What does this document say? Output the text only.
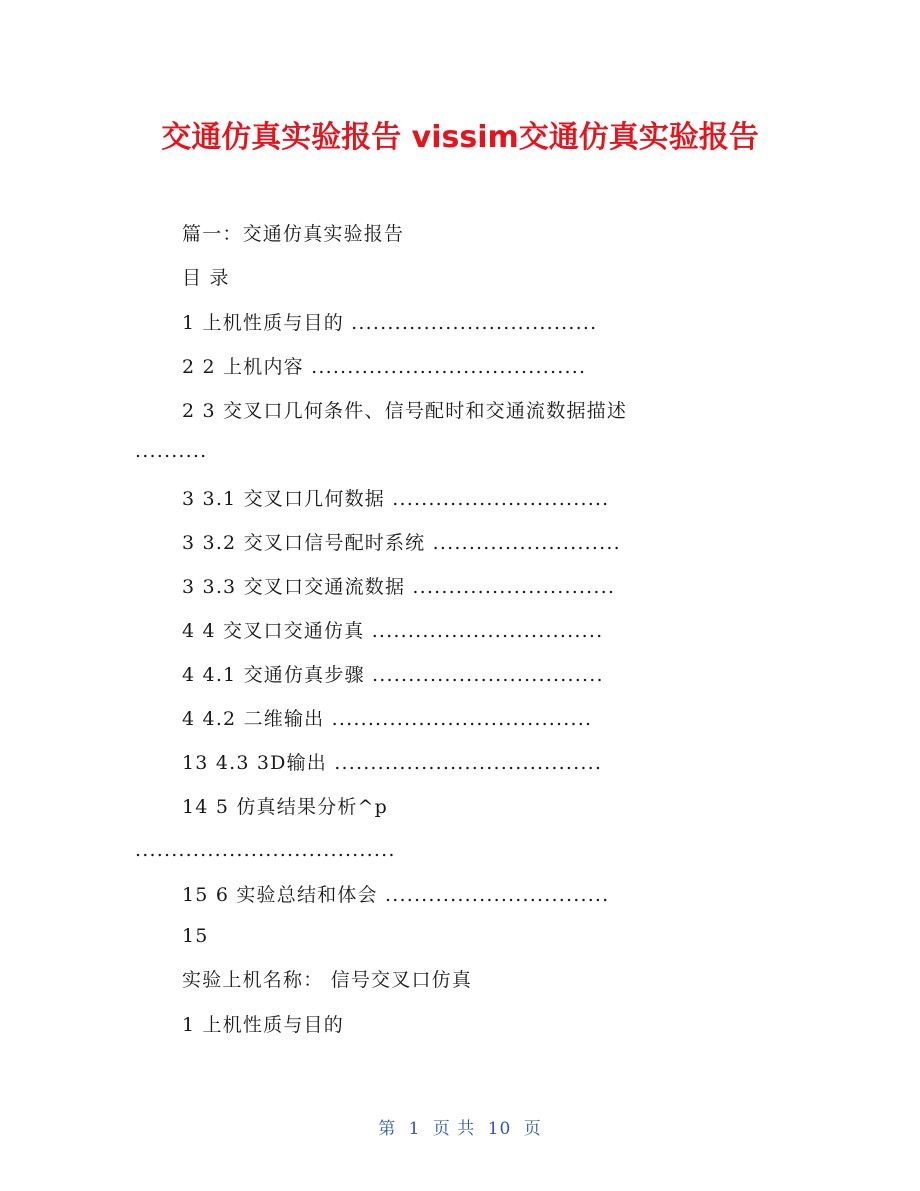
交通仿真实验报告 vissim交通仿真实验报告
篇一：交通仿真实验报告
目 录
1 上机性质与目的 ..................................
2 2 上机内容 ......................................
2 3 交叉口几何条件、信号配时和交通流数据描述
..........
3 3.1 交叉口几何数据 ..............................
3 3.2 交叉口信号配时系统 ..........................
3 3.3 交叉口交通流数据 ............................
4 4 交叉口交通仿真 ................................
4 4.1 交通仿真步骤 ................................
4 4.2 二维输出 ....................................
13 4.3 3D输出 .....................................
14 5 仿真结果分析^p
....................................
15 6 实验总结和体会 ...............................
15
实验上机名称： 信号交叉口仿真
1 上机性质与目的
第 1 页 共 10 页
